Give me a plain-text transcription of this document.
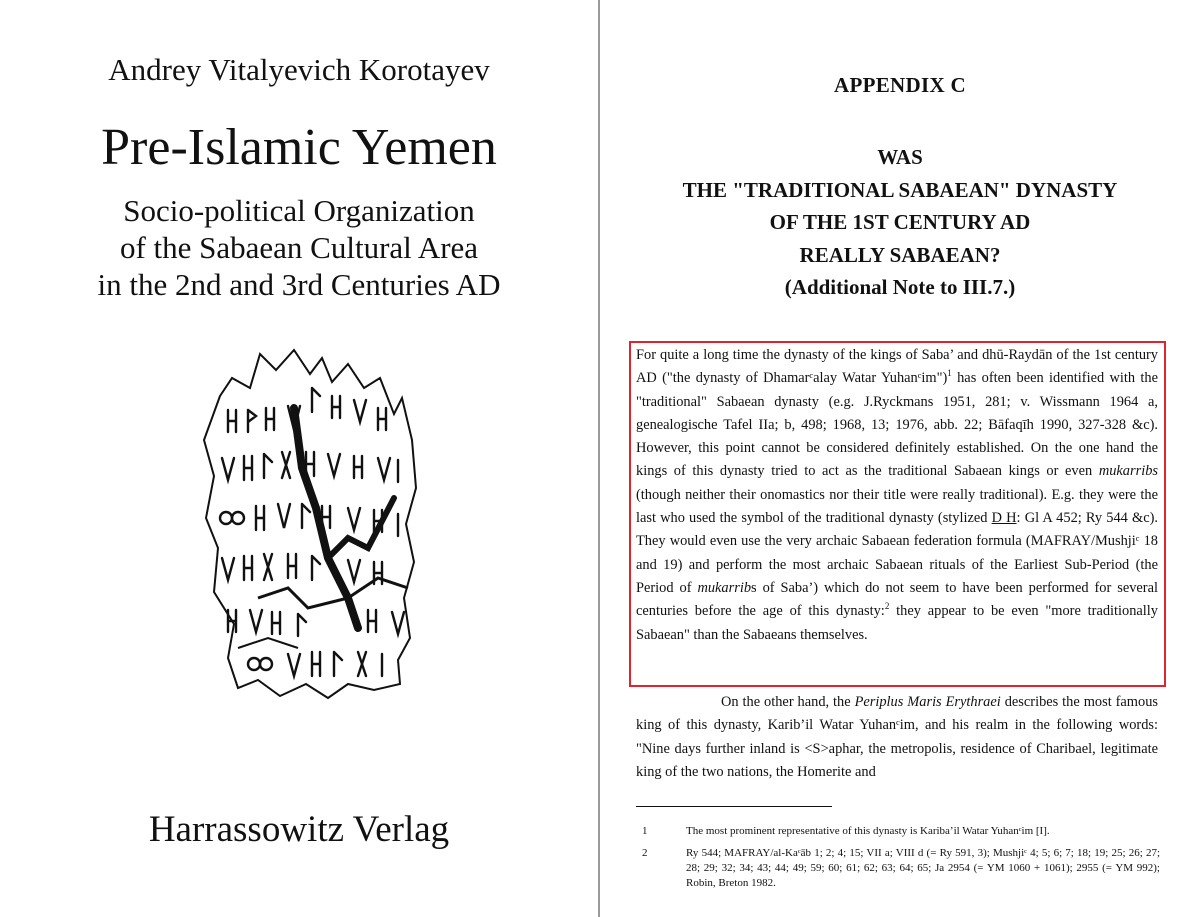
Andrey Vitalyevich Korotayev
Pre-Islamic Yemen
Socio-political Organization
of the Sabaean Cultural Area
in the 2nd and 3rd Centuries AD
Harrassowitz Verlag
APPENDIX C
WAS
THE "TRADITIONAL SABAEAN" DYNASTY
OF THE 1ST CENTURY AD
REALLY SABAEAN?
(Additional Note to III.7.)

For quite a long time the dynasty of the kings of Saba’ and dhū-Raydān of the 1st century AD ("the dynasty of Dhamarᶜalay Watar Yuhanᶜim")$^1$ has often been identified with the "traditional" Sabaean dynasty (e.g. J.Ryckmans 1951, 281; v. Wissmann 1964 a, genealogische Tafel IIa; b, 498; 1968, 13; 1976, abb. 22; Bāfaqīh 1990, 327-328 &c). However, this point cannot be considered definitely established. On the one hand the kings of this dynasty tried to act as the traditional Sabaean kings or even mukarribs (though neither their onomastics nor their title were really traditional). E.g. they were the last who used the symbol of the traditional dynasty (stylized D H: Gl A 452; Ry 544 &c). They would even use the very archaic Sabaean federation formula (MAFRAY/Mushjiᶜ 18 and 19) and perform the most archaic Sabaean rituals of the Earliest Sub-Period (the Period of mukarribs of Saba’) which do not seem to have been performed for several centuries before the age of this dynasty:$^2$ they appear to be even "more traditionally Sabaean" than the Sabaeans themselves.

On the other hand, the Periplus Maris Erythraei describes the most famous king of this dynasty, Karib’il Watar Yuhanᶜim, and his realm in the following words: "Nine days further inland is <S>aphar, the metropolis, residence of Charibael, legitimate king of the two nations, the Homerite and

1	The most prominent representative of this dynasty is Kariba’il Watar Yuhanᶜim [I].
2	Ry 544; MAFRAY/al-Kaᶜāb 1; 2; 4; 15; VII a; VIII d (= Ry 591, 3); Mushjiᶜ 4; 5; 6; 7; 18; 19; 25; 26; 27; 28; 29; 32; 34; 43; 44; 49; 59; 60; 61; 62; 63; 64; 65; Ja 2954 (= YM 1060 + 1061); 2955 (= YM 992); Robin, Breton 1982.
